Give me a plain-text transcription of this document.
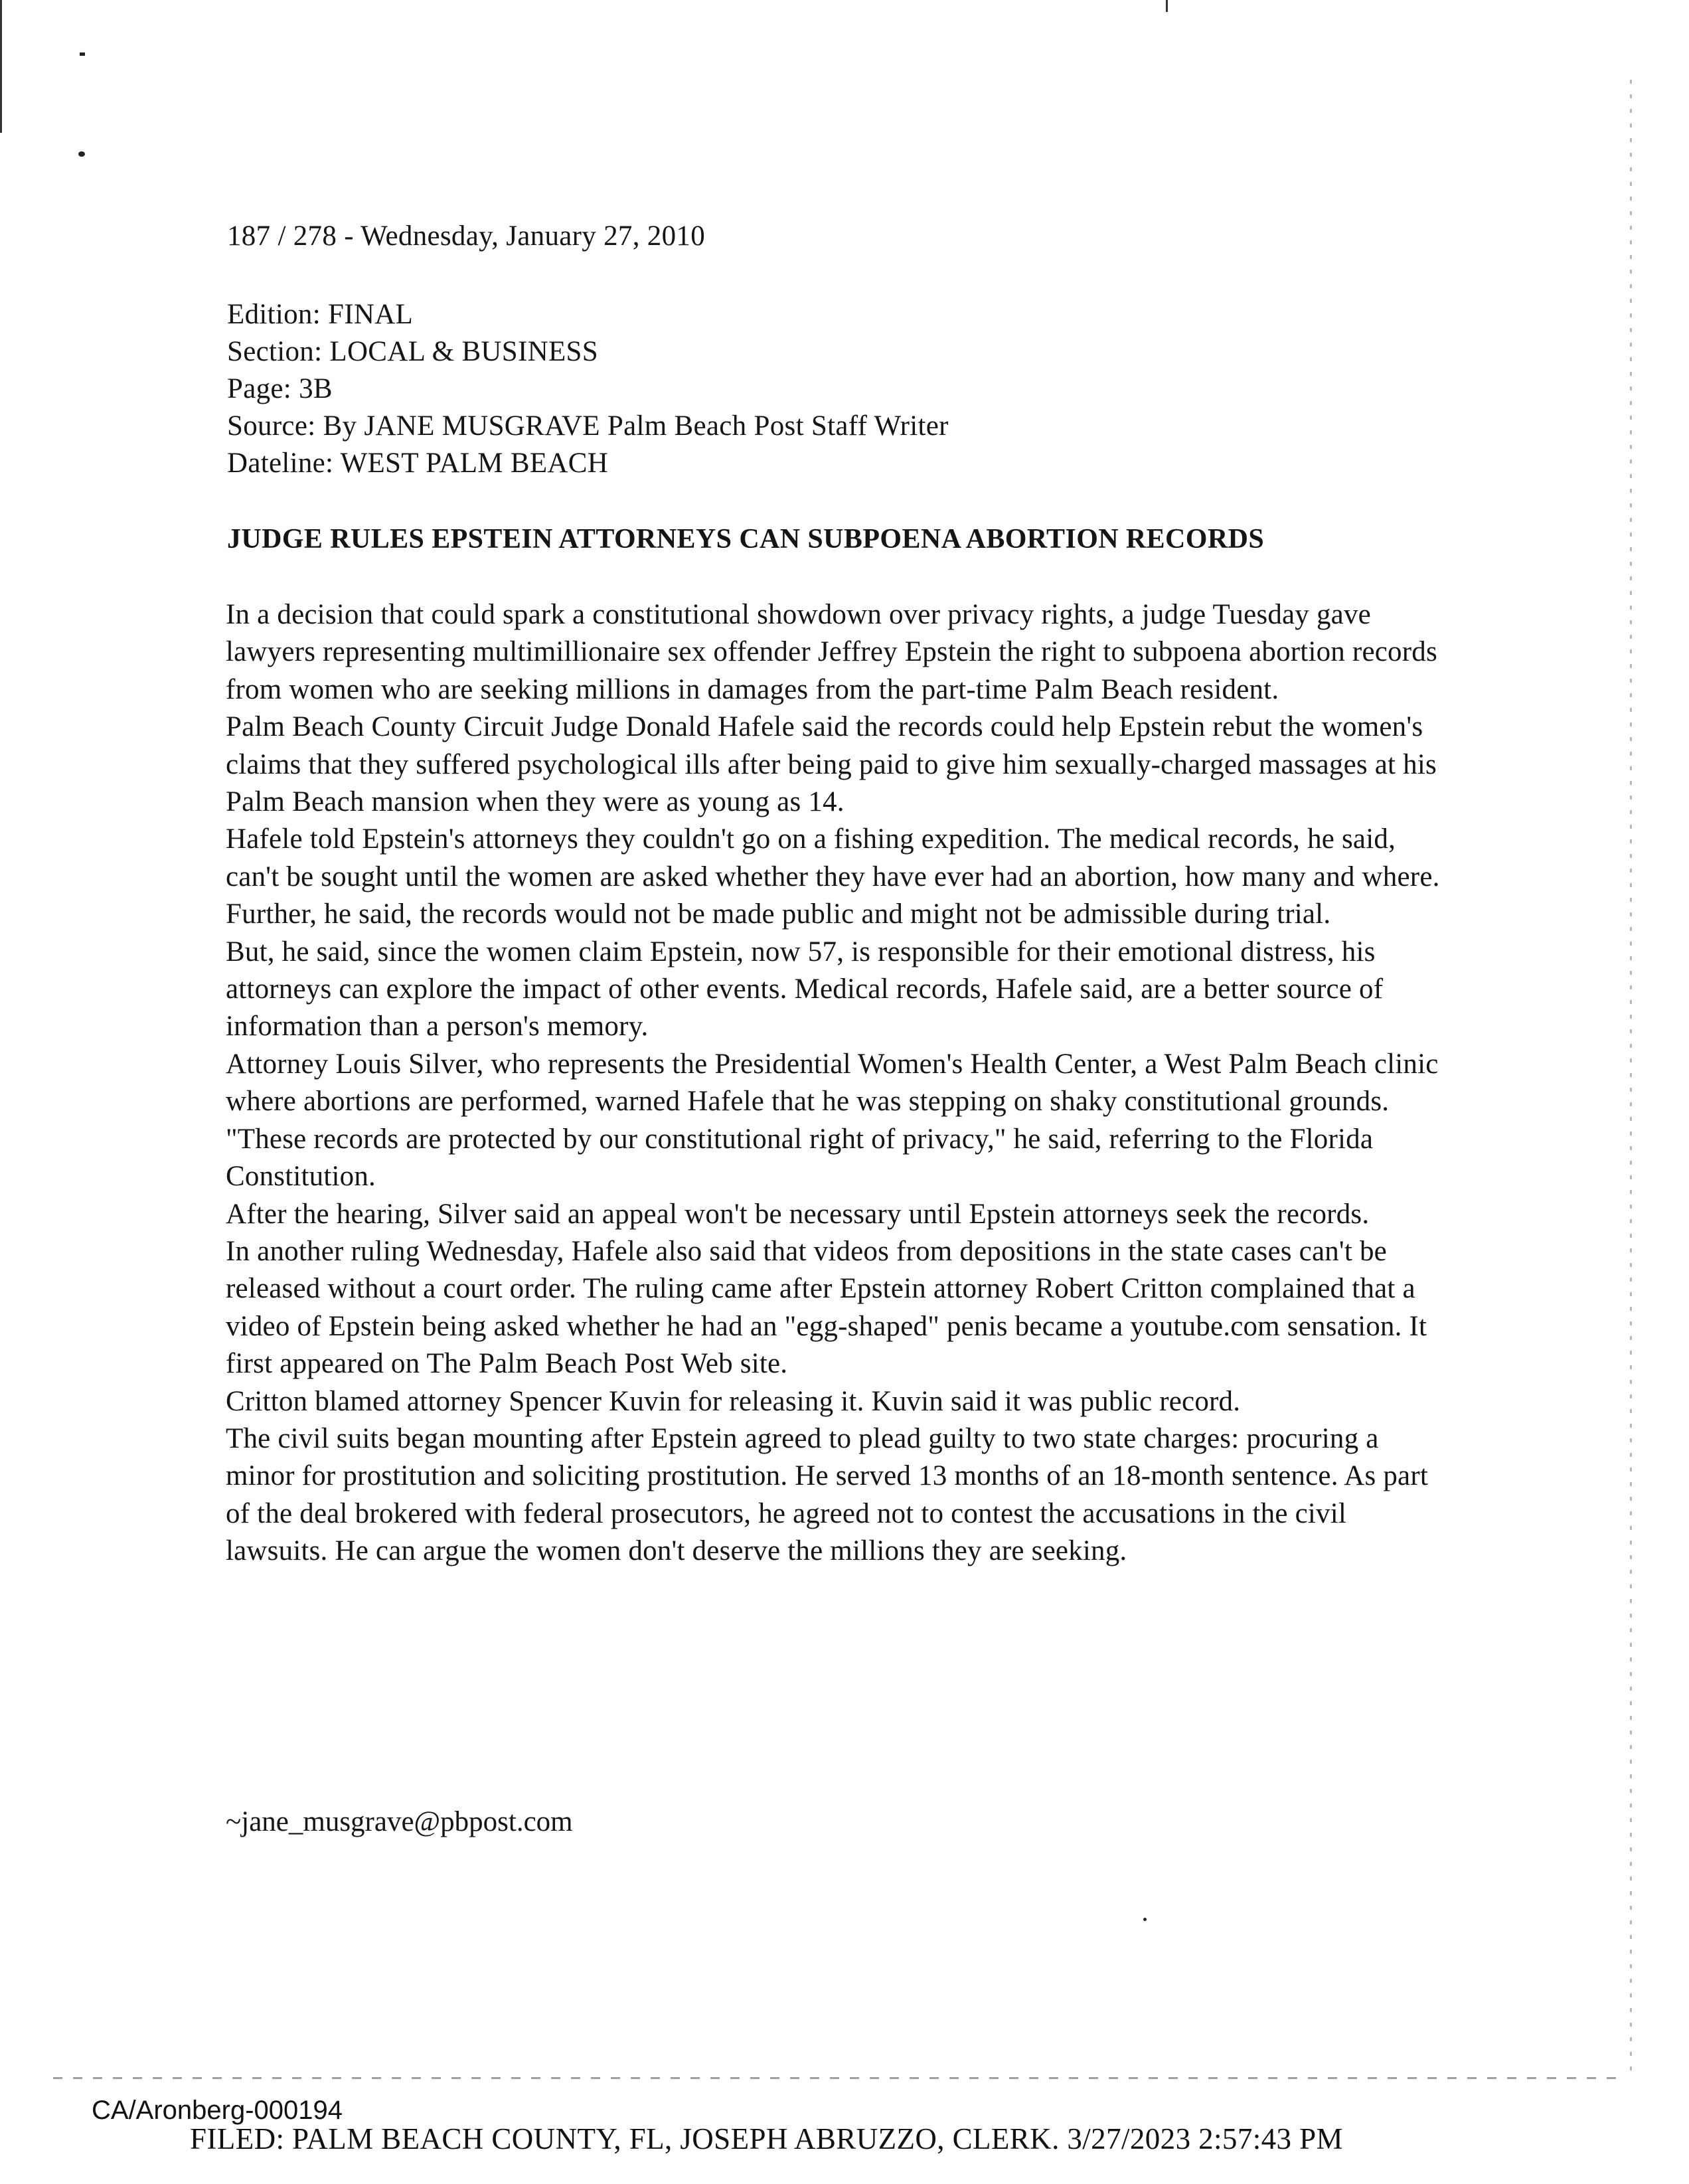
187 / 278 - Wednesday, January 27, 2010
Edition: FINAL
Section: LOCAL & BUSINESS
Page: 3B
Source: By JANE MUSGRAVE Palm Beach Post Staff Writer
Dateline: WEST PALM BEACH
JUDGE RULES EPSTEIN ATTORNEYS CAN SUBPOENA ABORTION RECORDS

In a decision that could spark a constitutional showdown over privacy rights, a judge Tuesday gave lawyers representing multimillionaire sex offender Jeffrey Epstein the right to subpoena abortion records from women who are seeking millions in damages from the part-time Palm Beach resident.

Palm Beach County Circuit Judge Donald Hafele said the records could help Epstein rebut the women's claims that they suffered psychological ills after being paid to give him sexually-charged massages at his Palm Beach mansion when they were as young as 14.

Hafele told Epstein's attorneys they couldn't go on a fishing expedition. The medical records, he said, can't be sought until the women are asked whether they have ever had an abortion, how many and where. Further, he said, the records would not be made public and might not be admissible during trial.

But, he said, since the women claim Epstein, now 57, is responsible for their emotional distress, his attorneys can explore the impact of other events. Medical records, Hafele said, are a better source of information than a person's memory.

Attorney Louis Silver, who represents the Presidential Women's Health Center, a West Palm Beach clinic where abortions are performed, warned Hafele that he was stepping on shaky constitutional grounds.

"These records are protected by our constitutional right of privacy," he said, referring to the Florida Constitution.

After the hearing, Silver said an appeal won't be necessary until Epstein attorneys seek the records.

In another ruling Wednesday, Hafele also said that videos from depositions in the state cases can't be released without a court order. The ruling came after Epstein attorney Robert Critton complained that a video of Epstein being asked whether he had an "egg-shaped" penis became a youtube.com sensation. It first appeared on The Palm Beach Post Web site.

Critton blamed attorney Spencer Kuvin for releasing it. Kuvin said it was public record.

The civil suits began mounting after Epstein agreed to plead guilty to two state charges: procuring a minor for prostitution and soliciting prostitution. He served 13 months of an 18-month sentence. As part of the deal brokered with federal prosecutors, he agreed not to contest the accusations in the civil lawsuits. He can argue the women don't deserve the millions they are seeking.

~jane_musgrave@pbpost.com
CA/Aronberg-000194
FILED: PALM BEACH COUNTY, FL, JOSEPH ABRUZZO, CLERK. 3/27/2023 2:57:43 PM
